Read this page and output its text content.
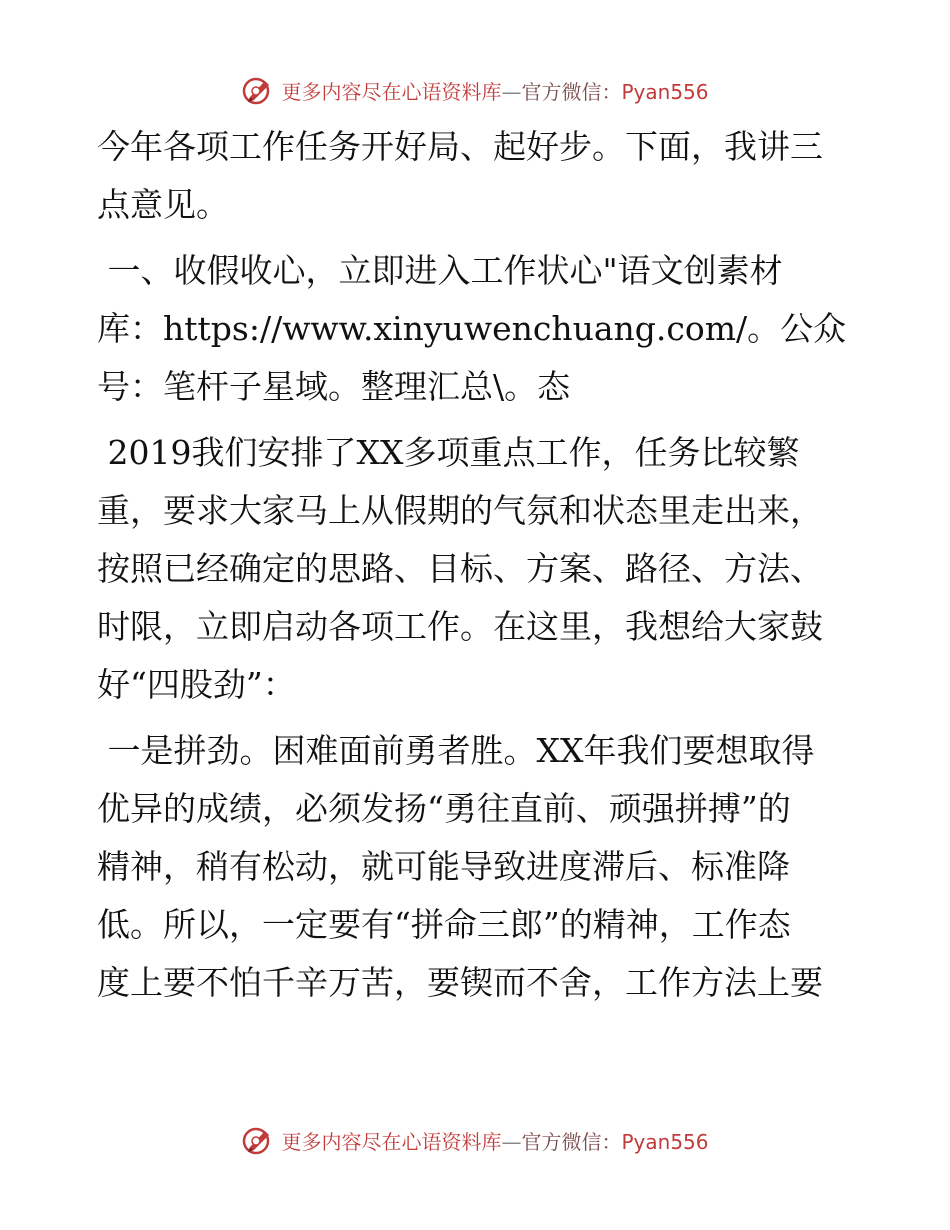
更多内容尽在心语资料库—官方微信：Pyan556

今年各项工作任务开好局、起好步。下面，我讲三
点意见。

一、收假收心，立即进入工作状心"语文创素材
库：https://www.xinyuwenchuang.com/。公众
号：笔杆子星域。整理汇总\。态

2019我们安排了XX多项重点工作，任务比较繁
重，要求大家马上从假期的气氛和状态里走出来，
按照已经确定的思路、目标、方案、路径、方法、
时限，立即启动各项工作。在这里，我想给大家鼓
好“四股劲”：

一是拼劲。困难面前勇者胜。XX年我们要想取得
优异的成绩，必须发扬“勇往直前、顽强拼搏”的
精神，稍有松动，就可能导致进度滞后、标准降
低。所以，一定要有“拼命三郎”的精神，工作态
度上要不怕千辛万苦，要锲而不舍，工作方法上要

更多内容尽在心语资料库—官方微信：Pyan556
